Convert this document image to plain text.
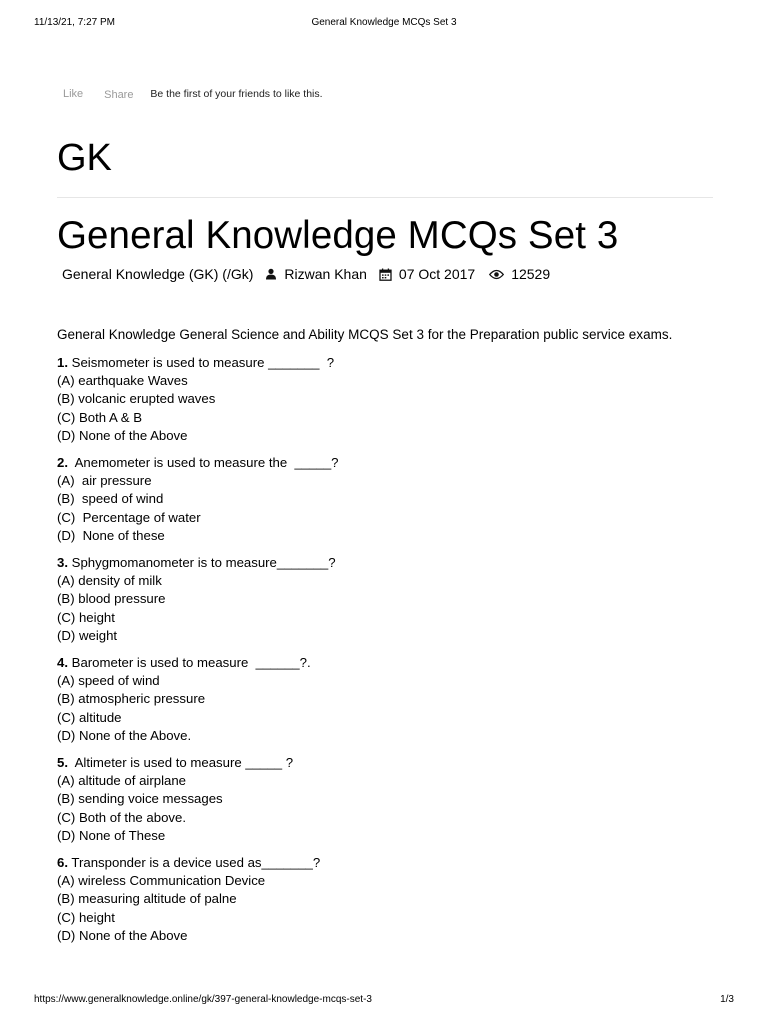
11/13/21, 7:27 PM	General Knowledge MCQs Set 3
Like Share Be the first of your friends to like this.
GK
General Knowledge MCQs Set 3
General Knowledge (GK) (/Gk) Rizwan Khan 07 Oct 2017	12529
General Knowledge General Science and Ability MCQS Set 3 for the Preparation public service exams.
1. Seismometer is used to measure _______  ?
(A) earthquake Waves
(B) volcanic erupted waves
(C) Both A & B
(D) None of the Above
2.  Anemometer is used to measure the  _____?
(A)  air pressure
(B)  speed of wind
(C)  Percentage of water
(D)  None of these
3. Sphygmomanometer is to measure_______?
(A) density of milk
(B) blood pressure
(C) height
(D) weight
4. Barometer is used to measure  ______?.
(A) speed of wind
(B) atmospheric pressure
(C) altitude
(D) None of the Above.
5.  Altimeter is used to measure _____ ?
(A) altitude of airplane
(B) sending voice messages
(C) Both of the above.
(D) None of These
6. Transponder is a device used as_______?
(A) wireless Communication Device
(B) measuring altitude of palne
(C) height
(D) None of the Above
https://www.generalknowledge.online/gk/397-general-knowledge-mcqs-set-3	1/3
